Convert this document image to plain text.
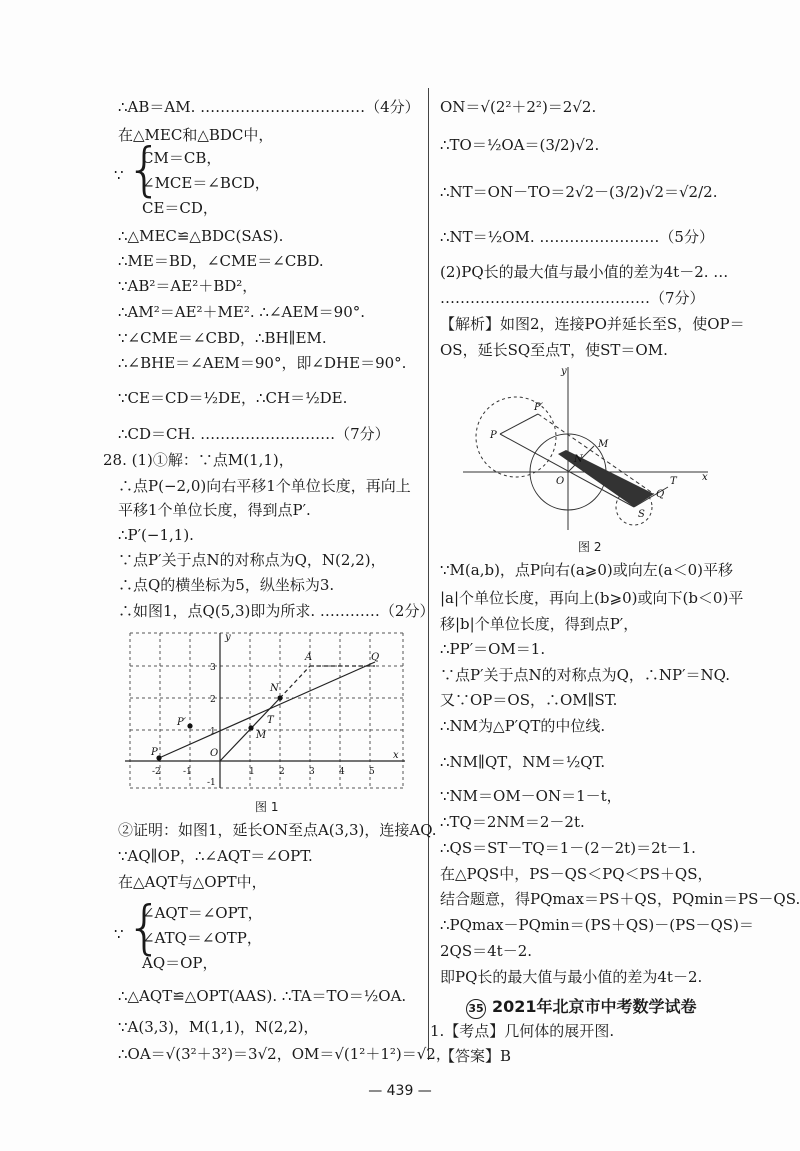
∴AB＝AM. ……………………………（4分）
在△MEC和△BDC中，
∵ {
CM＝CB，
∠MCE＝∠BCD，
CE＝CD，
∴△MEC≌△BDC(SAS).
∴ME＝BD，∠CME＝∠CBD.
∵AB²＝AE²＋BD²，
∴AM²＝AE²＋ME². ∴∠AEM＝90°.
∵∠CME＝∠CBD，∴BH∥EM.
∴∠BHE＝∠AEM＝90°，即∠DHE＝90°.
∵CE＝CD＝½DE，∴CH＝½DE.
∴CD＝CH. ………………………（7分）
28. (1)①解：∵点M(1,1)，
∴点P(−2,0)向右平移1个单位长度，再向上
平移1个单位长度，得到点P′.
∴P′(−1,1).
∵点P′关于点N的对称点为Q，N(2,2)，
∴点Q的横坐标为5，纵坐标为3.
∴如图1，点Q(5,3)即为所求. …………（2分）
y
x
O
P
P′
M
N
T
A	Q
-2 -1	1	2	3	4	5
3
2
1
-1
图 1
②证明：如图1，延长ON至点A(3,3)，连接AQ.
∵AQ∥OP，∴∠AQT＝∠OPT.
在△AQT与△OPT中，
∵ {
∠AQT＝∠OPT，
∠ATQ＝∠OTP，
AQ＝OP，
∴△AQT≌△OPT(AAS). ∴TA＝TO＝½OA.
∵A(3,3)，M(1,1)，N(2,2)，
∴OA＝√(3²＋3²)＝3√2，OM＝√(1²＋1²)＝√2，
ON＝√(2²＋2²)＝2√2.
∴TO＝½OA＝(3/2)√2.
∴NT＝ON－TO＝2√2－(3/2)√2＝√2/2.
∴NT＝½OM. ……………………（5分）
(2)PQ长的最大值与最小值的差为4t－2. …
……………………………………（7分）
【解析】如图2，连接PO并延长至S，使OP＝
OS，延长SQ至点T，使ST＝OM.
y
x
O
P
P′
M
N
T
Q
S
图 2
∵M(a,b)，点P向右(a⩾0)或向左(a＜0)平移
|a|个单位长度，再向上(b⩾0)或向下(b＜0)平
移|b|个单位长度，得到点P′，
∴PP′＝OM＝1.
∵点P′关于点N的对称点为Q，∴NP′＝NQ.
又∵OP＝OS，∴OM∥ST.
∴NM为△P′QT的中位线.
∴NM∥QT，NM＝½QT.
∵NM＝OM－ON＝1－t，
∴TQ＝2NM＝2－2t.
∴QS＝ST－TQ＝1－(2－2t)＝2t－1.
在△PQS中，PS－QS＜PQ＜PS＋QS，
结合题意，得PQmax＝PS＋QS，PQmin＝PS－QS.
∴PQmax－PQmin＝(PS＋QS)－(PS－QS)＝
2QS＝4t－2.
即PQ长的最大值与最小值的差为4t－2.
35 2021年北京市中考数学试卷
1.【考点】几何体的展开图.
【答案】B
— 439 —
